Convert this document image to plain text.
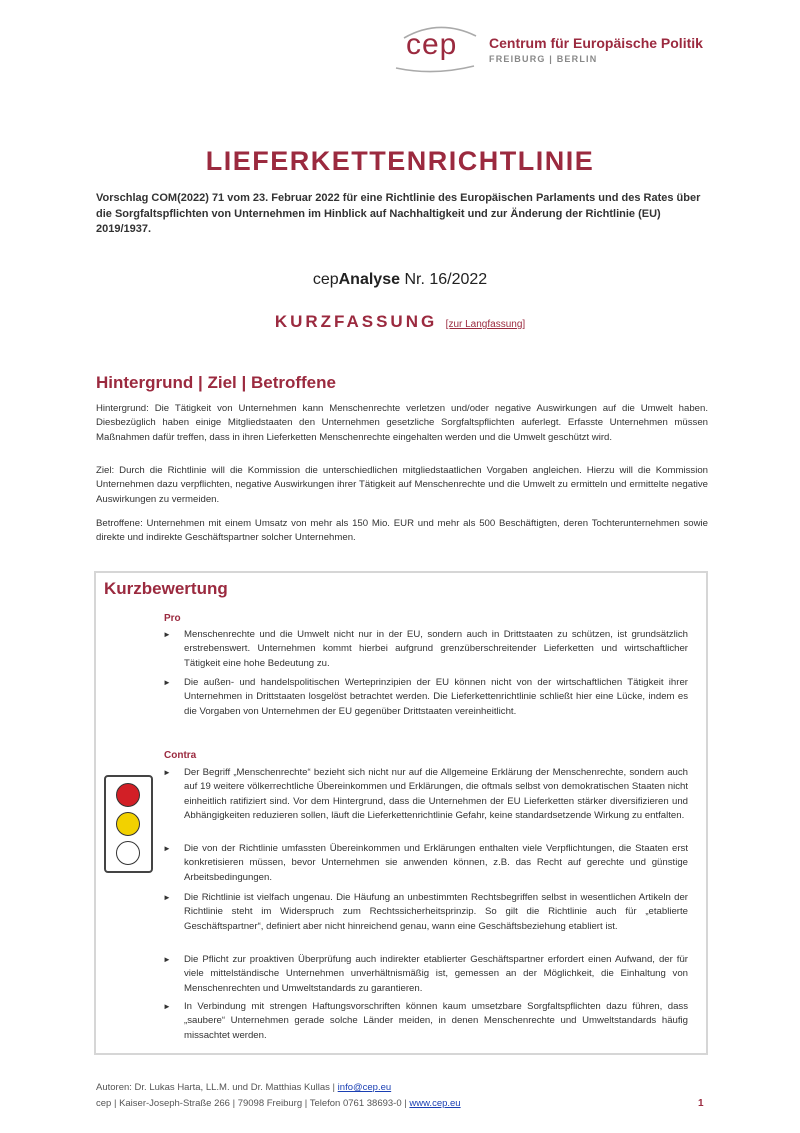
cep Centrum für Europäische Politik
FREIBURG | BERLIN
LIEFERKETTENRICHTLINIE
Vorschlag COM(2022) 71 vom 23. Februar 2022 für eine Richtlinie des Europäischen Parlaments und des Rates über die Sorgfaltspflichten von Unternehmen im Hinblick auf Nachhaltigkeit und zur Änderung der Richtlinie (EU) 2019/1937.
cepAnalyse Nr. 16/2022
KURZFASSUNG [zur Langfassung]
Hintergrund | Ziel | Betroffene
Hintergrund: Die Tätigkeit von Unternehmen kann Menschenrechte verletzen und/oder negative Auswirkungen auf die Umwelt haben. Diesbezüglich haben einige Mitgliedstaaten den Unternehmen gesetzliche Sorgfaltspflichten auferlegt. Erfasste Unternehmen müssen Maßnahmen dafür treffen, dass in ihren Lieferketten Menschenrechte eingehalten werden und die Umwelt geschützt wird.
Ziel: Durch die Richtlinie will die Kommission die unterschiedlichen mitgliedstaatlichen Vorgaben angleichen. Hierzu will die Kommission Unternehmen dazu verpflichten, negative Auswirkungen ihrer Tätigkeit auf Menschenrechte und die Umwelt zu ermitteln und ermittelte negative Auswirkungen zu vermeiden.
Betroffene: Unternehmen mit einem Umsatz von mehr als 150 Mio. EUR und mehr als 500 Beschäftigten, deren Tochterunternehmen sowie direkte und indirekte Geschäftspartner solcher Unternehmen.
Kurzbewertung
Pro
► Menschenrechte und die Umwelt nicht nur in der EU, sondern auch in Drittstaaten zu schützen, ist grundsätzlich erstrebenswert. Unternehmen kommt hierbei aufgrund grenzüberschreitender Lieferketten und wirtschaftlicher Tätigkeit eine hohe Bedeutung zu.
► Die außen- und handelspolitischen Werteprinzipien der EU können nicht von der wirtschaftlichen Tätigkeit ihrer Unternehmen in Drittstaaten losgelöst betrachtet werden. Die Lieferkettenrichtlinie schließt hier eine Lücke, indem es die Vorgaben von Unternehmen der EU gegenüber Drittstaaten vereinheitlicht.
Contra
► Der Begriff „Menschenrechte“ bezieht sich nicht nur auf die Allgemeine Erklärung der Menschenrechte, sondern auch auf 19 weitere völkerrechtliche Übereinkommen und Erklärungen, die oftmals selbst von demokratischen Staaten nicht einheitlich ratifiziert sind. Vor dem Hintergrund, dass die Unternehmen der EU Lieferketten stärker diversifizieren und Abhängigkeiten reduzieren sollen, läuft die Lieferkettenrichtlinie Gefahr, keine standardsetzende Wirkung zu entfalten.
► Die von der Richtlinie umfassten Übereinkommen und Erklärungen enthalten viele Verpflichtungen, die Staaten erst konkretisieren müssen, bevor Unternehmen sie anwenden können, z.B. das Recht auf gerechte und günstige Arbeitsbedingungen.
► Die Richtlinie ist vielfach ungenau. Die Häufung an unbestimmten Rechtsbegriffen selbst in wesentlichen Artikeln der Richtlinie steht im Widerspruch zum Rechtssicherheitsprinzip. So gilt die Richtlinie auch für „etablierte Geschäftspartner“, definiert aber nicht hinreichend genau, wann eine Geschäftsbeziehung etabliert ist.
► Die Pflicht zur proaktiven Überprüfung auch indirekter etablierter Geschäftspartner erfordert einen Aufwand, der für viele mittelständische Unternehmen unverhältnismäßig ist, gemessen an der Möglichkeit, die Einhaltung von Menschenrechten und Umweltstandards zu garantieren.
► In Verbindung mit strengen Haftungsvorschriften können kaum umsetzbare Sorgfaltspflichten dazu führen, dass „saubere“ Unternehmen gerade solche Länder meiden, in denen Menschenrechte und Umweltstandards häufig missachtet werden.
Autoren: Dr. Lukas Harta, LL.M. und Dr. Matthias Kullas | info@cep.eu
cep | Kaiser-Joseph-Straße 266 | 79098 Freiburg | Telefon 0761 38693-0 | www.cep.eu	1
